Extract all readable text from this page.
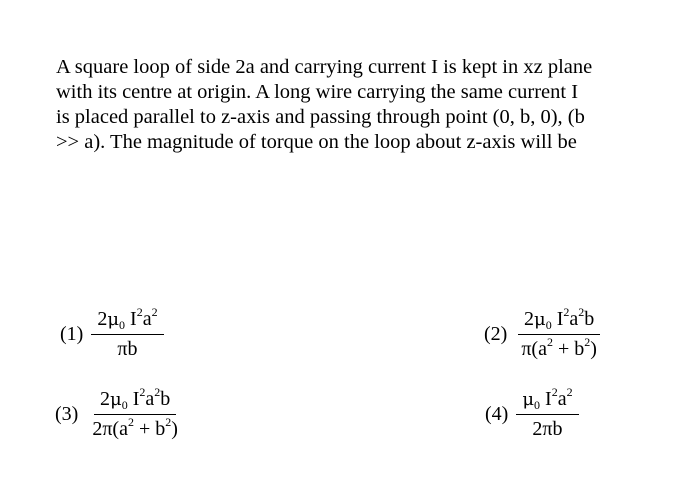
A square loop of side 2a and carrying current I is kept in xz plane
with its centre at origin. A long wire carrying the same current I
is placed parallel to z-axis and passing through point (0, b, 0), (b
>> a). The magnitude of torque on the loop about z-axis will be
$(1) \frac{2\mu_0 I^2a^2}{\pi b}$	$(2) \frac{2\mu_0 I^2a^2b}{\pi(a^2 + b^2)}$
$(3) \frac{2\mu_0 I^2a^2b}{2\pi(a^2 + b^2)}$	$(4) \frac{\mu_0 I^2a^2}{2\pi b}$
